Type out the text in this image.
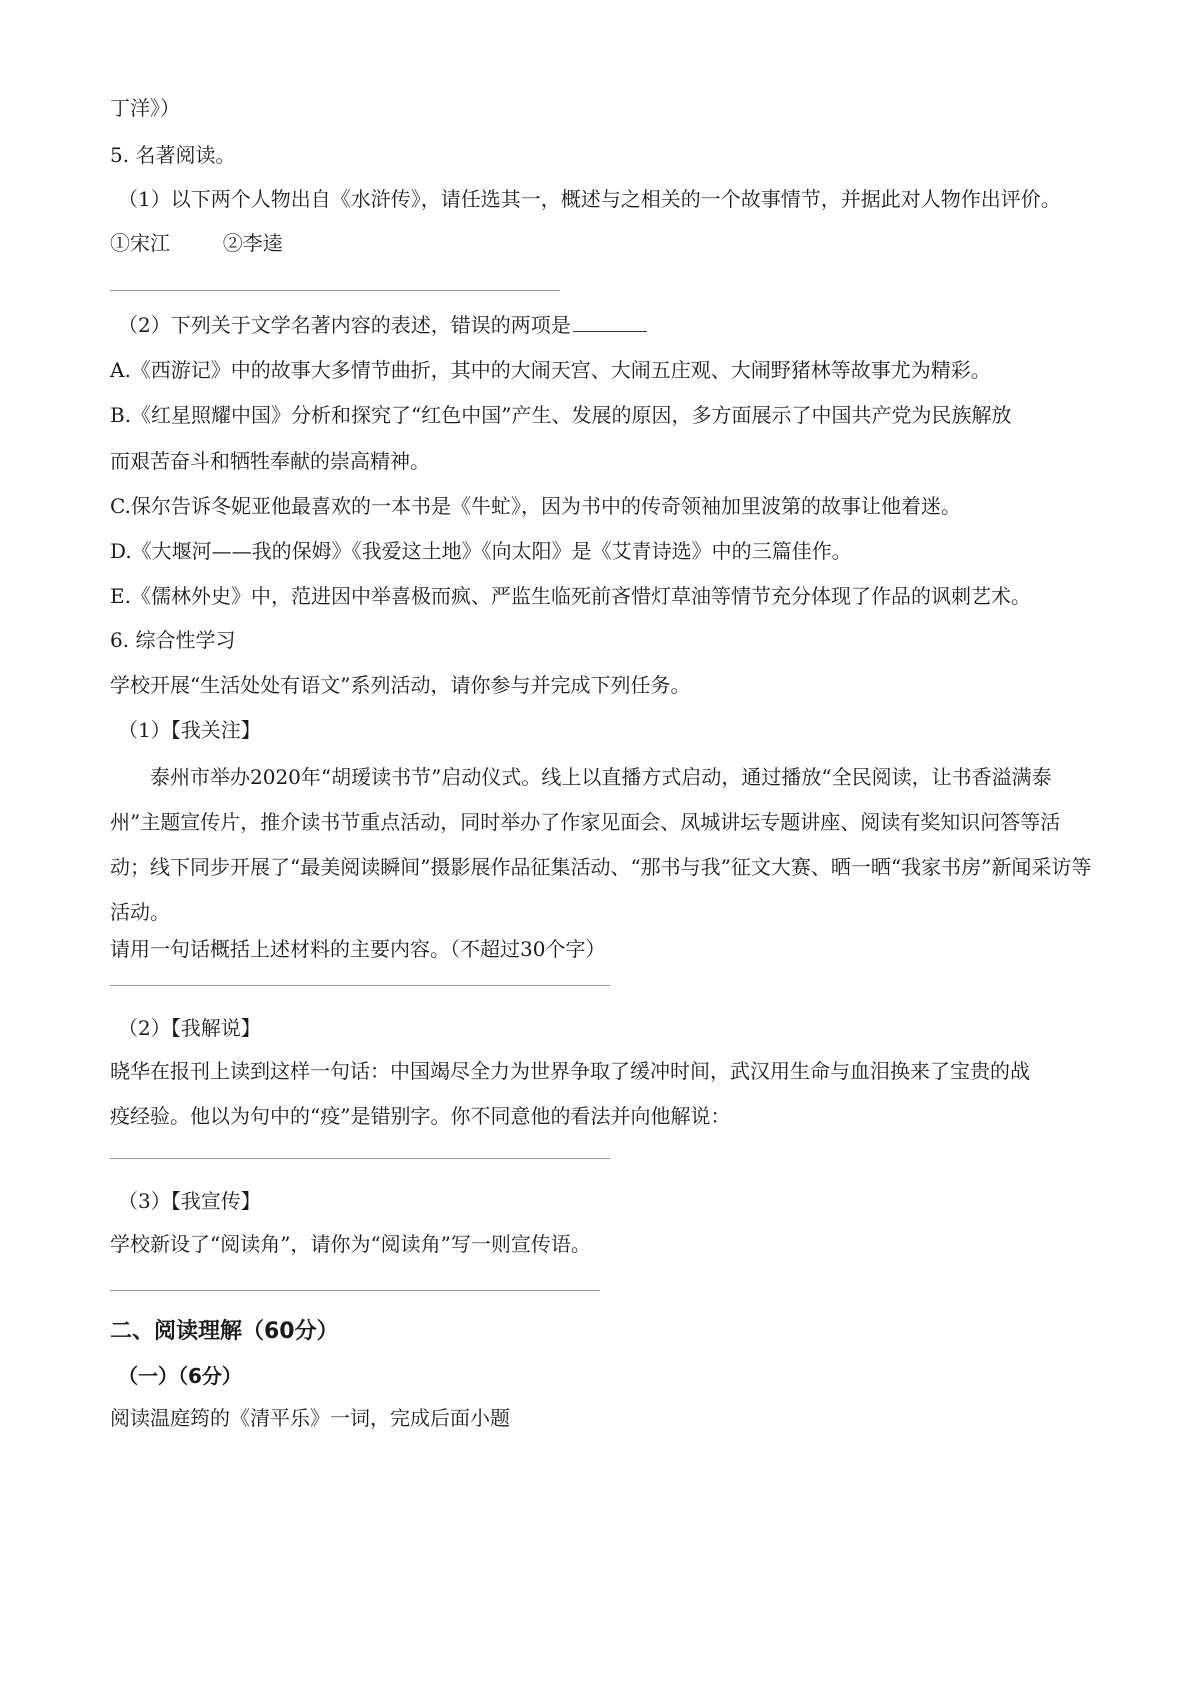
丁洋》）
5. 名著阅读。
（1）以下两个人物出自《水浒传》，请任选其一，概述与之相关的一个故事情节，并据此对人物作出评价。
①宋江	②李逵
（2）下列关于文学名著内容的表述，错误的两项是
A.《西游记》中的故事大多情节曲折，其中的大闹天宫、大闹五庄观、大闹野猪林等故事尤为精彩。
B.《红星照耀中国》分析和探究了“红色中国”产生、发展的原因，多方面展示了中国共产党为民族解放
而艰苦奋斗和牺牲奉献的崇高精神。
C.保尔告诉冬妮亚他最喜欢的一本书是《牛虻》，因为书中的传奇领袖加里波第的故事让他着迷。
D.《大堰河——我的保姆》《我爱这土地》《向太阳》是《艾青诗选》中的三篇佳作。
E.《儒林外史》中，范进因中举喜极而疯、严监生临死前吝惜灯草油等情节充分体现了作品的讽刺艺术。
6. 综合性学习
学校开展“生活处处有语文”系列活动，请你参与并完成下列任务。
（1）【我关注】
泰州市举办2020年“胡瑷读书节”启动仪式。线上以直播方式启动，通过播放“全民阅读，让书香溢满泰州”主题宣传片，推介读书节重点活动，同时举办了作家见面会、凤城讲坛专题讲座、阅读有奖知识问答等活动；线下同步开展了“最美阅读瞬间”摄影展作品征集活动、“那书与我”征文大赛、晒一晒“我家书房”新闻采访等活动。
请用一句话概括上述材料的主要内容。（不超过30个字）
（2）【我解说】
晓华在报刊上读到这样一句话：中国竭尽全力为世界争取了缓冲时间，武汉用生命与血泪换来了宝贵的战
疫经验。他以为句中的“疫”是错别字。你不同意他的看法并向他解说：
（3）【我宣传】
学校新设了“阅读角”，请你为“阅读角”写一则宣传语。
二、阅读理解（60分）
（一）（6分）
阅读温庭筠的《清平乐》一词，完成后面小题
